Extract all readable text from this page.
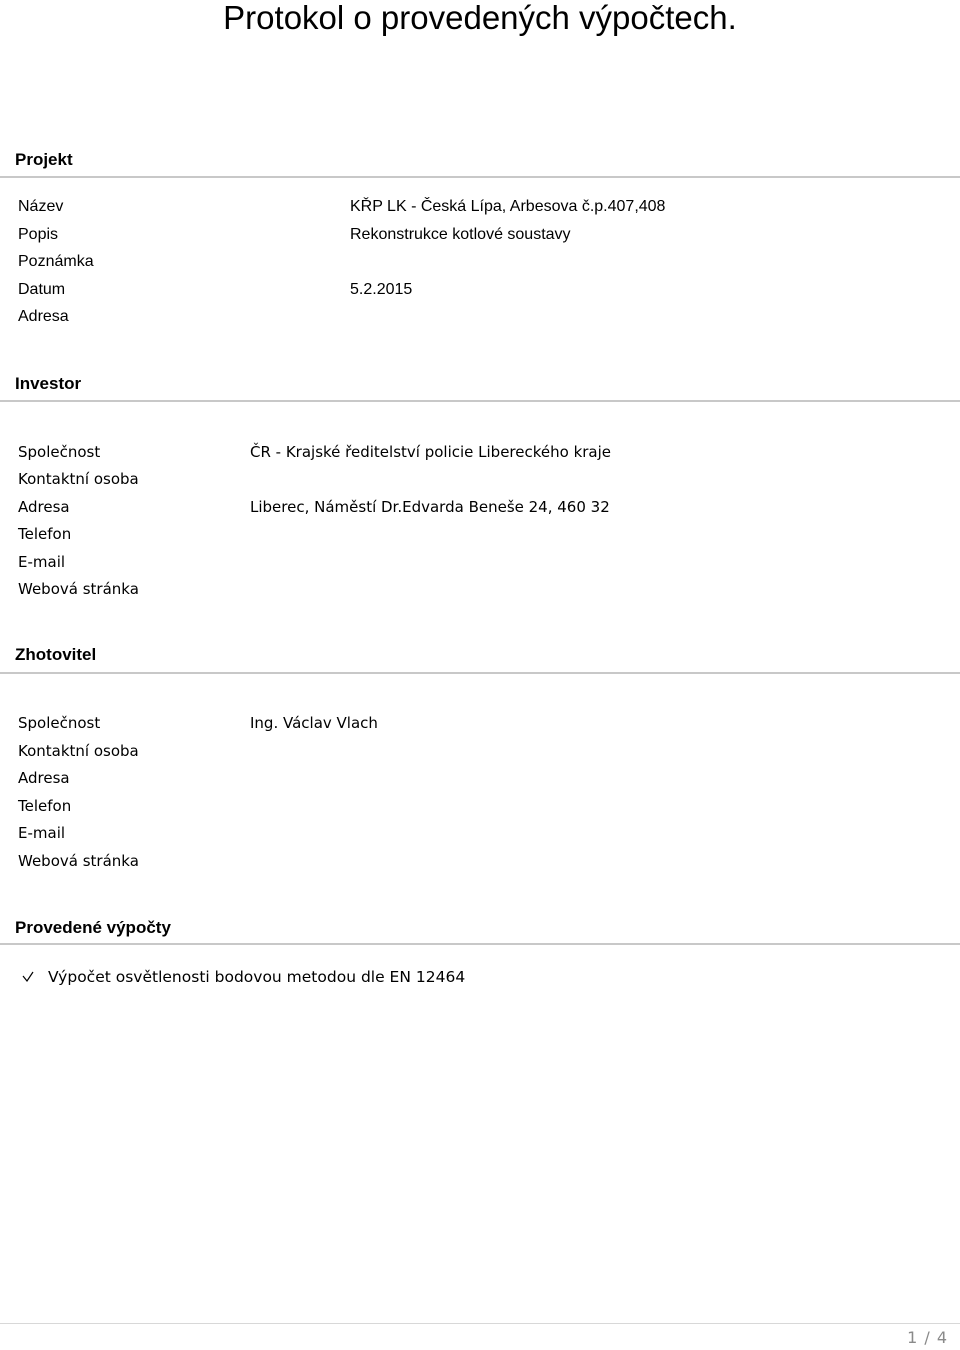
Protokol o provedených výpočtech.
Projekt
Název	KŘP LK - Česká Lípa, Arbesova č.p.407,408
Popis	Rekonstrukce kotlové soustavy
Poznámka
Datum	5.2.2015
Adresa
Investor
Společnost	ČR - Krajské ředitelství policie Libereckého kraje
Kontaktní osoba
Adresa	Liberec, Náměstí Dr.Edvarda Beneše 24, 460 32
Telefon
E-mail
Webová stránka
Zhotovitel
Společnost	Ing. Václav Vlach
Kontaktní osoba
Adresa
Telefon
E-mail
Webová stránka
Provedené výpočty
Výpočet osvětlenosti bodovou metodou dle EN 12464
1 / 4
